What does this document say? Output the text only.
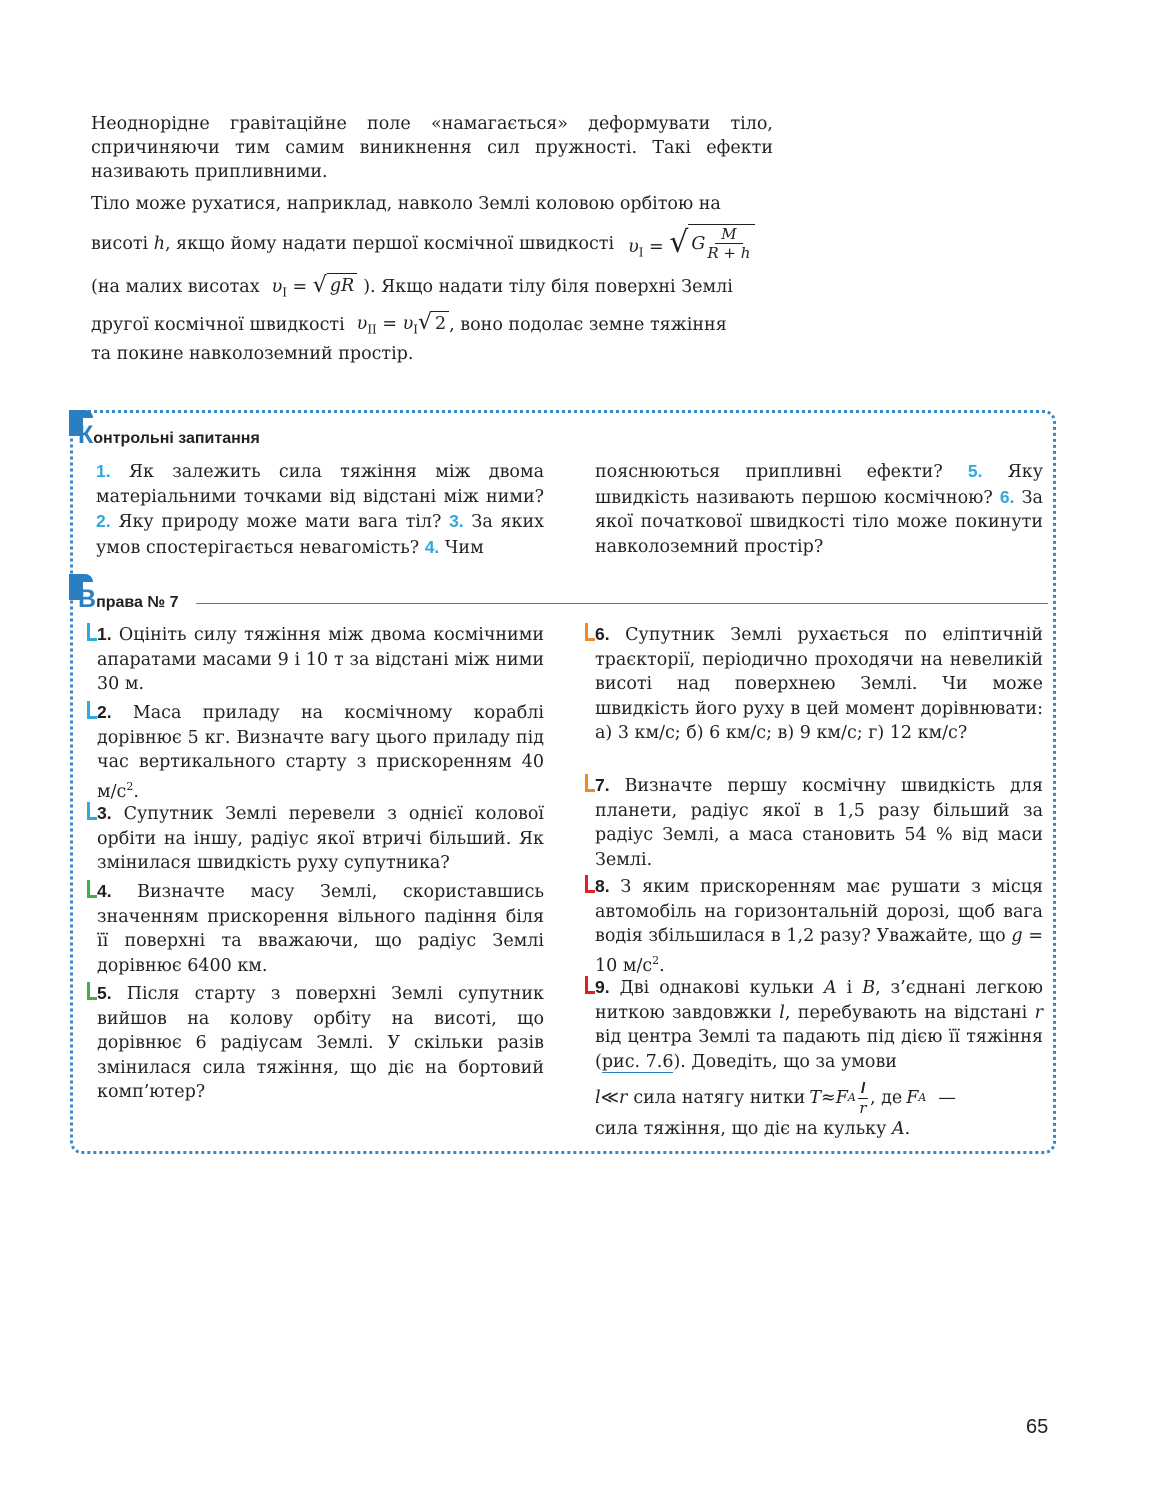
Неоднорідне гравітаційне поле «намагається» деформувати тіло, спричиняючи тим самим виникнення сил пружності. Такі ефекти називають припливними.

Тіло може рухатися, наприклад, навколо Землі коловою орбітою на

висоті
h , якщо йому надати першої космічної швидкості $\upsilon_I$ = √ G $\frac{M}{R + h}$
(на малих висотах $\upsilon_I$ = √ gR ). Якщо надати тілу біля поверхні Землі
другої космічної швидкості $\upsilon_{II} = \upsilon_I$ √ 2 , воно подолає земне тяжіння

та покине навколоземний простір.

Контрольні запитання
1. Як залежить сила тяжіння між двома матеріальними точками від відстані між ними? 2. Яку природу може мати вага тіл? 3. За яких умов спостерігається невагомість? 4. Чим
пояснюються припливні ефекти? 5. Яку швидкість називають першою космічною? 6. За якої початкової швидкості тіло може покинути навколоземний простір?
Вправа № 7
1. Оцініть силу тяжіння між двома космічними апаратами масами 9 і 10 т за відстані між ними 30 м.
2. Маса приладу на космічному кораблі дорівнює 5 кг. Визначте вагу цього приладу під час вертикального старту з прискоренням 40 $м/с^2$.
3. Супутник Землі перевели з однієї колової орбіти на іншу, радіус якої втричі більший. Як змінилася швидкість руху супутника?
4. Визначте масу Землі, скориставшись значенням прискорення вільного падіння біля її поверхні та вважаючи, що радіус Землі дорівнює 6400 км.
5. Після старту з поверхні Землі супутник вийшов на колову орбіту на висоті, що дорівнює 6 радіусам Землі. У скільки разів змінилася сила тяжіння, що діє на бортовий комп’ютер?
6. Супутник Землі рухається по еліптичній траєкторії, періодично проходячи на невеликій висоті над поверхнею Землі. Чи може швидкість його руху в цей момент дорівнювати: а) 3 км/с; б) 6 км/с; в) 9 км/с; г) 12 км/с?
7. Визначте першу космічну швидкість для планети, радіус якої в 1,5 разу більший за радіус Землі, а маса становить 54 % від маси Землі.
8. З яким прискоренням має рушати з місця автомобіль на горизонтальній дорозі, щоб вага водія збільшилася в 1,2 разу? Уважайте, що g = 10 $м/с^2$.
9. Дві однакові кульки A і B, з’єднані легкою ниткою завдовжки l, перебувають на відстані r від центра Землі та падають під дією її тяжіння (рис. 7.6). Доведіть, що за умови
l ≪ r сила натягу нитки T ≈ F A $\frac{l}{r}$ , де F A —
сила тяжіння, що діє на кульку A.
65
